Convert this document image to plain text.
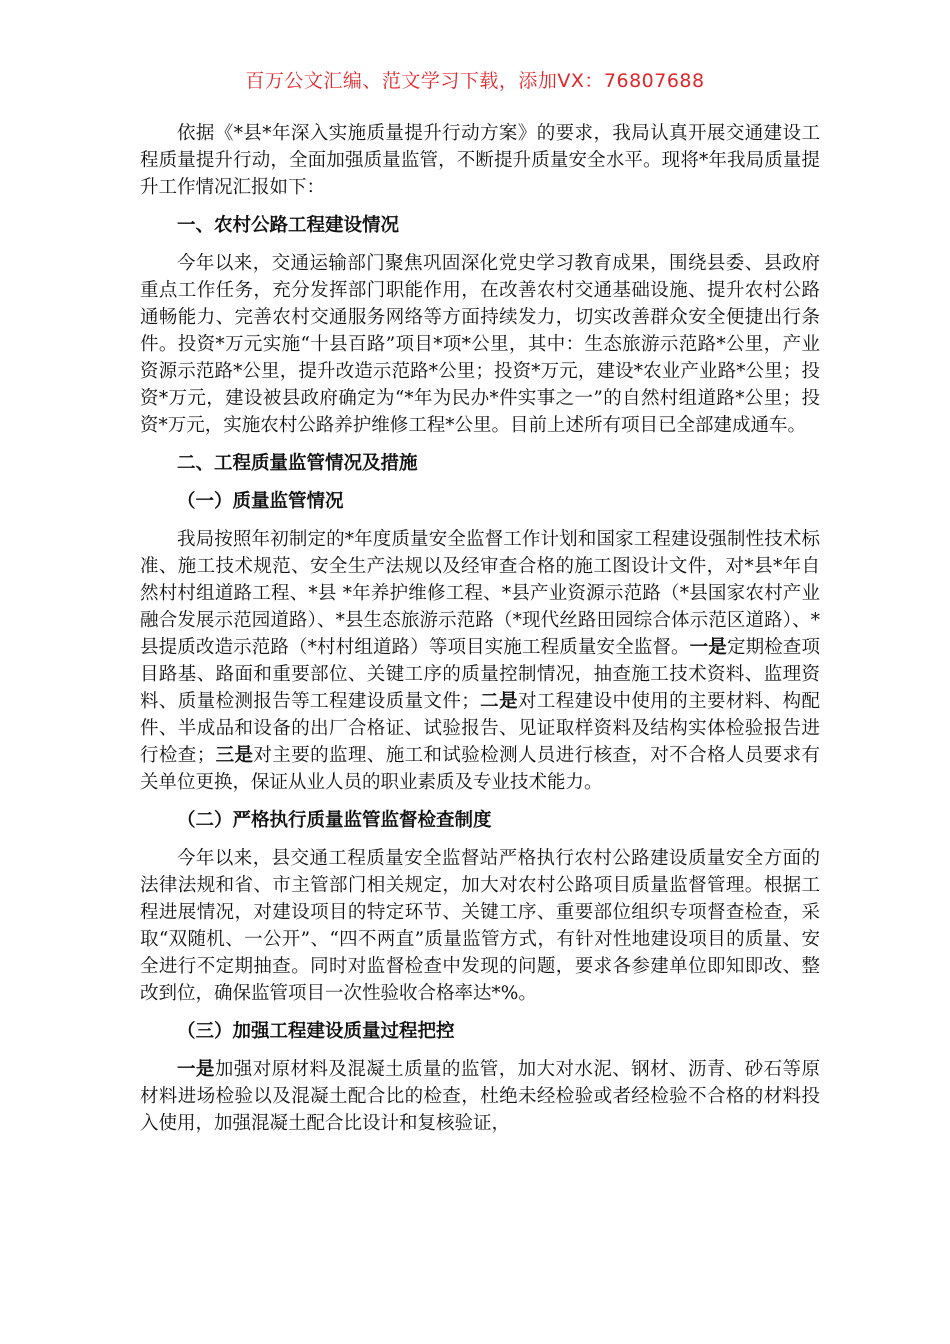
百万公文汇编、范文学习下载，添加VX：76807688

依据《*县*年深入实施质量提升行动方案》的要求，我局认真开展交通建设工程质量提升行动，全面加强质量监管，不断提升质量安全水平。现将*年我局质量提升工作情况汇报如下：

一、农村公路工程建设情况

今年以来，交通运输部门聚焦巩固深化党史学习教育成果，围绕县委、县政府重点工作任务，充分发挥部门职能作用，在改善农村交通基础设施、提升农村公路通畅能力、完善农村交通服务网络等方面持续发力，切实改善群众安全便捷出行条件。投资*万元实施“十县百路”项目*项*公里，其中：生态旅游示范路*公里，产业资源示范路*公里，提升改造示范路*公里；投资*万元，建设*农业产业路*公里；投资*万元，建设被县政府确定为“*年为民办*件实事之一”的自然村组道路*公里；投资*万元，实施农村公路养护维修工程*公里。目前上述所有项目已全部建成通车。

二、工程质量监管情况及措施

（一）质量监管情况

我局按照年初制定的*年度质量安全监督工作计划和国家工程建设强制性技术标准、施工技术规范、安全生产法规以及经审查合格的施工图设计文件，对*县*年自然村村组道路工程、*县 *年养护维修工程、*县产业资源示范路（*县国家农村产业融合发展示范园道路）、*县生态旅游示范路（*现代丝路田园综合体示范区道路）、*县提质改造示范路（*村村组道路）等项目实施工程质量安全监督。一是定期检查项目路基、路面和重要部位、关键工序的质量控制情况，抽查施工技术资料、监理资料、质量检测报告等工程建设质量文件；二是对工程建设中使用的主要材料、构配件、半成品和设备的出厂合格证、试验报告、见证取样资料及结构实体检验报告进行检查；三是对主要的监理、施工和试验检测人员进行核查，对不合格人员要求有关单位更换，保证从业人员的职业素质及专业技术能力。

（二）严格执行质量监管监督检查制度

今年以来，县交通工程质量安全监督站严格执行农村公路建设质量安全方面的法律法规和省、市主管部门相关规定，加大对农村公路项目质量监督管理。根据工程进展情况，对建设项目的特定环节、关键工序、重要部位组织专项督查检查，采取“双随机、一公开”、“四不两直”质量监管方式，有针对性地建设项目的质量、安全进行不定期抽查。同时对监督检查中发现的问题，要求各参建单位即知即改、整改到位，确保监管项目一次性验收合格率达*%。

（三）加强工程建设质量过程把控

一是加强对原材料及混凝土质量的监管，加大对水泥、钢材、沥青、砂石等原材料进场检验以及混凝土配合比的检查，杜绝未经检验或者经检验不合格的材料投入使用，加强混凝土配合比设计和复核验证，
